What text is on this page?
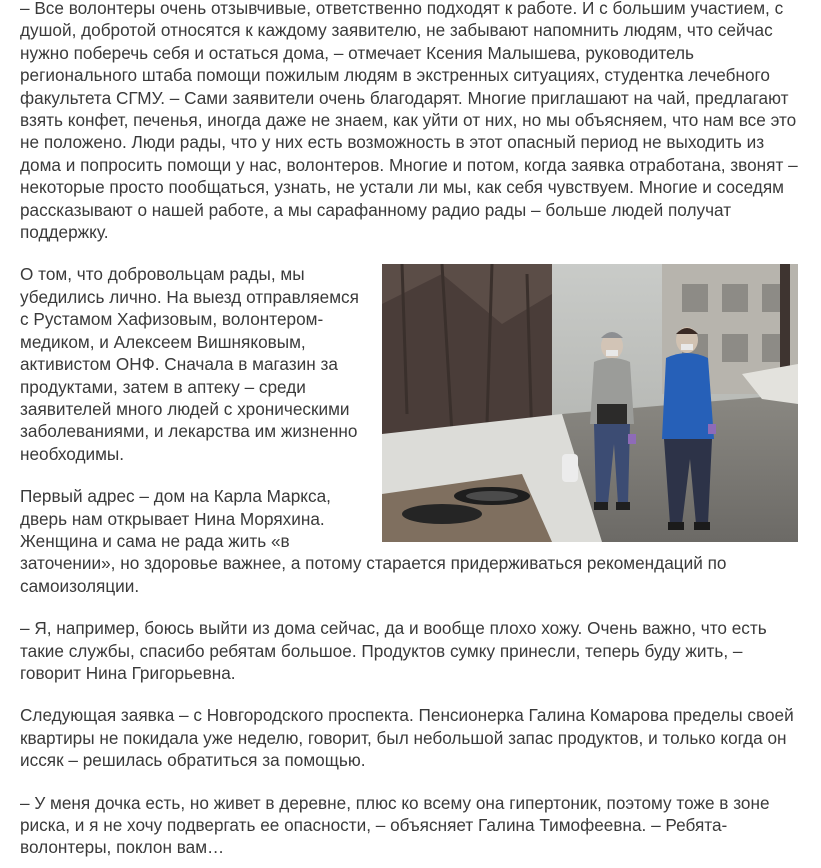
– Все волонтеры очень отзывчивые, ответственно подходят к работе. И с большим участием, с душой, добротой относятся к каждому заявителю, не забывают напомнить людям, что сейчас нужно поберечь себя и остаться дома, – отмечает Ксения Малышева, руководитель регионального штаба помощи пожилым людям в экстренных ситуациях, студентка лечебного факультета СГМУ. – Сами заявители очень благодарят. Многие приглашают на чай, предлагают взять конфет, печенья, иногда даже не знаем, как уйти от них, но мы объясняем, что нам все это не положено. Люди рады, что у них есть возможность в этот опасный период не выходить из дома и попросить помощи у нас, волонтеров. Многие и потом, когда заявка отработана, звонят – некоторые просто пообщаться, узнать, не устали ли мы, как себя чувствуем. Многие и соседям рассказывают о нашей работе, а мы сарафанному радио рады – больше людей получат поддержку.

О том, что добровольцам рады, мы убедились лично. На выезд отправляемся с Рустамом Хафизовым, волонтером-медиком, и Алексеем Вишняковым, активистом ОНФ. Сначала в магазин за продуктами, затем в аптеку – среди заявителей много людей с хроническими заболеваниями, и лекарства им жизненно необходимы.

Первый адрес – дом на Карла Маркса, дверь нам открывает Нина Моряхина. Женщина и сама не рада жить «в заточении», но здоровье важнее, а потому старается придерживаться рекомендаций по самоизоляции.

– Я, например, боюсь выйти из дома сейчас, да и вообще плохо хожу. Очень важно, что есть такие службы, спасибо ребятам большое. Продуктов сумку принесли, теперь буду жить, – говорит Нина Григорьевна.

Следующая заявка – с Новгородского проспекта. Пенсионерка Галина Комарова пределы своей квартиры не покидала уже неделю, говорит, был небольшой запас продуктов, и только когда он иссяк – решилась обратиться за помощью.

– У меня дочка есть, но живет в деревне, плюс ко всему она гипертоник, поэтому тоже в зоне риска, и я не хочу подвергать ее опасности, – объясняет Галина Тимофеевна. – Ребята-волонтеры, поклон вам…
